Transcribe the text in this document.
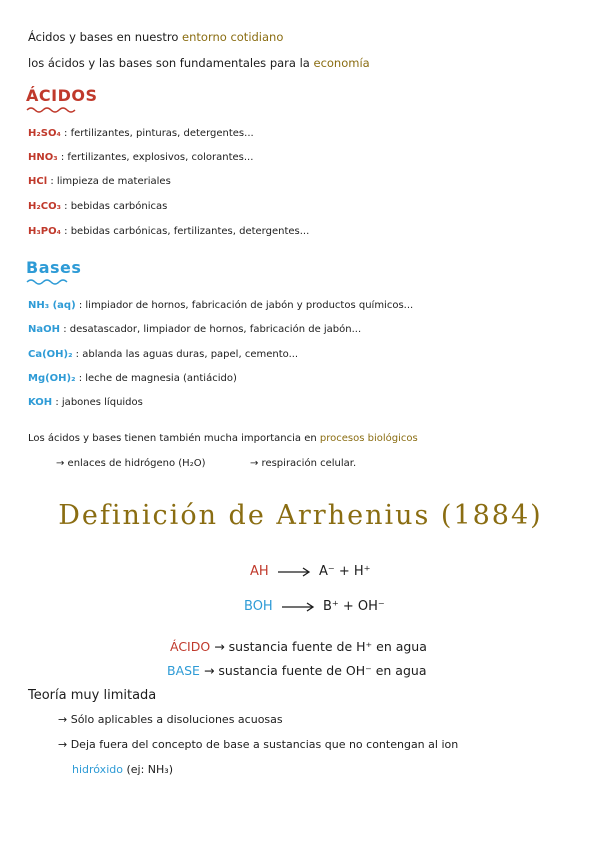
Ácidos y bases en nuestro entorno cotidiano
los ácidos y las bases son fundamentales para la economía
ÁCIDOS
H₂SO₄ : fertilizantes, pinturas, detergentes...
HNO₃ : fertilizantes, explosivos, colorantes...
HCl : limpieza de materiales
H₂CO₃ : bebidas carbónicas
H₃PO₄ : bebidas carbónicas, fertilizantes, detergentes...
Bases
NH₃ (aq) : limpiador de hornos, fabricación de jabón y productos químicos...
NaOH : desatascador, limpiador de hornos, fabricación de jabón...
Ca(OH)₂ : ablanda las aguas duras, papel, cemento...
Mg(OH)₂ : leche de magnesia (antiácido)
KOH : jabones líquidos
Los ácidos y bases tienen también mucha importancia en procesos biológicos
→ enlaces de hidrógeno (H₂O)	→ respiración celular.
Definición de Arrhenius (1884)
AH	A⁻ + H⁺
BOH	B⁺ + OH⁻
ÁCIDO → sustancia fuente de H⁺ en agua
BASE → sustancia fuente de OH⁻ en agua
Teoría muy limitada
→ Sólo aplicables a disoluciones acuosas
→ Deja fuera del concepto de base a sustancias que no contengan al ion
hidróxido (ej: NH₃)
